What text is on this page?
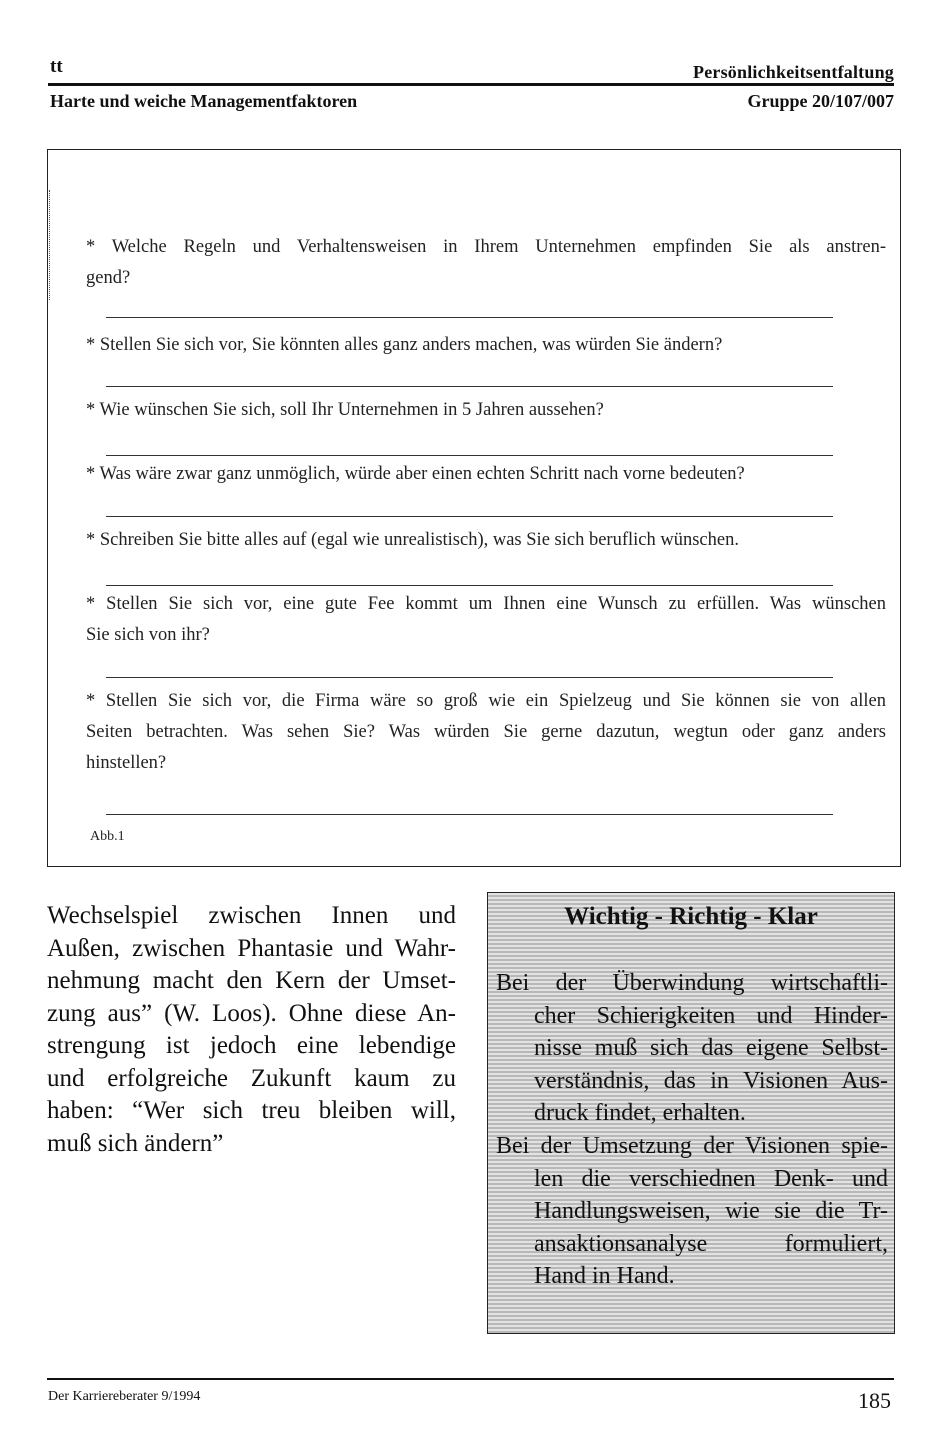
tt	Persönlichkeitsentfaltung
Harte und weiche Managementfaktoren	Gruppe 20/107/007
* Welche Regeln und Verhaltensweisen in Ihrem Unternehmen empfinden Sie als anstren-
gend?
* Stellen Sie sich vor, Sie könnten alles ganz anders machen, was würden Sie ändern?
* Wie wünschen Sie sich, soll Ihr Unternehmen in 5 Jahren aussehen?
* Was wäre zwar ganz unmöglich, würde aber einen echten Schritt nach vorne bedeuten?
* Schreiben Sie bitte alles auf (egal wie unrealistisch), was Sie sich beruflich wünschen.
* Stellen Sie sich vor, eine gute Fee kommt um Ihnen eine Wunsch zu erfüllen. Was wünschen
Sie sich von ihr?
* Stellen Sie sich vor, die Firma wäre so groß wie ein Spielzeug und Sie können sie von allen
Seiten betrachten. Was sehen Sie? Was würden Sie gerne dazutun, wegtun oder ganz anders
hinstellen?
Abb.1
Wechselspiel zwischen Innen und
Außen, zwischen Phantasie und Wahr-
nehmung macht den Kern der Umset-
zung aus” (W. Loos). Ohne diese An-
strengung ist jedoch eine lebendige
und erfolgreiche Zukunft kaum zu
haben: “Wer sich treu bleiben will,
muß sich ändern”
Wichtig - Richtig - Klar
Bei der Überwindung wirtschaftli-
cher Schierigkeiten und Hinder-
nisse muß sich das eigene Selbst-
verständnis, das in Visionen Aus-
druck findet, erhalten.
Bei der Umsetzung der Visionen spie-
len die verschiednen Denk- und
Handlungsweisen, wie sie die Tr-
ansaktionsanalyse formuliert,
Hand in Hand.
Der Karriereberater 9/1994	185
